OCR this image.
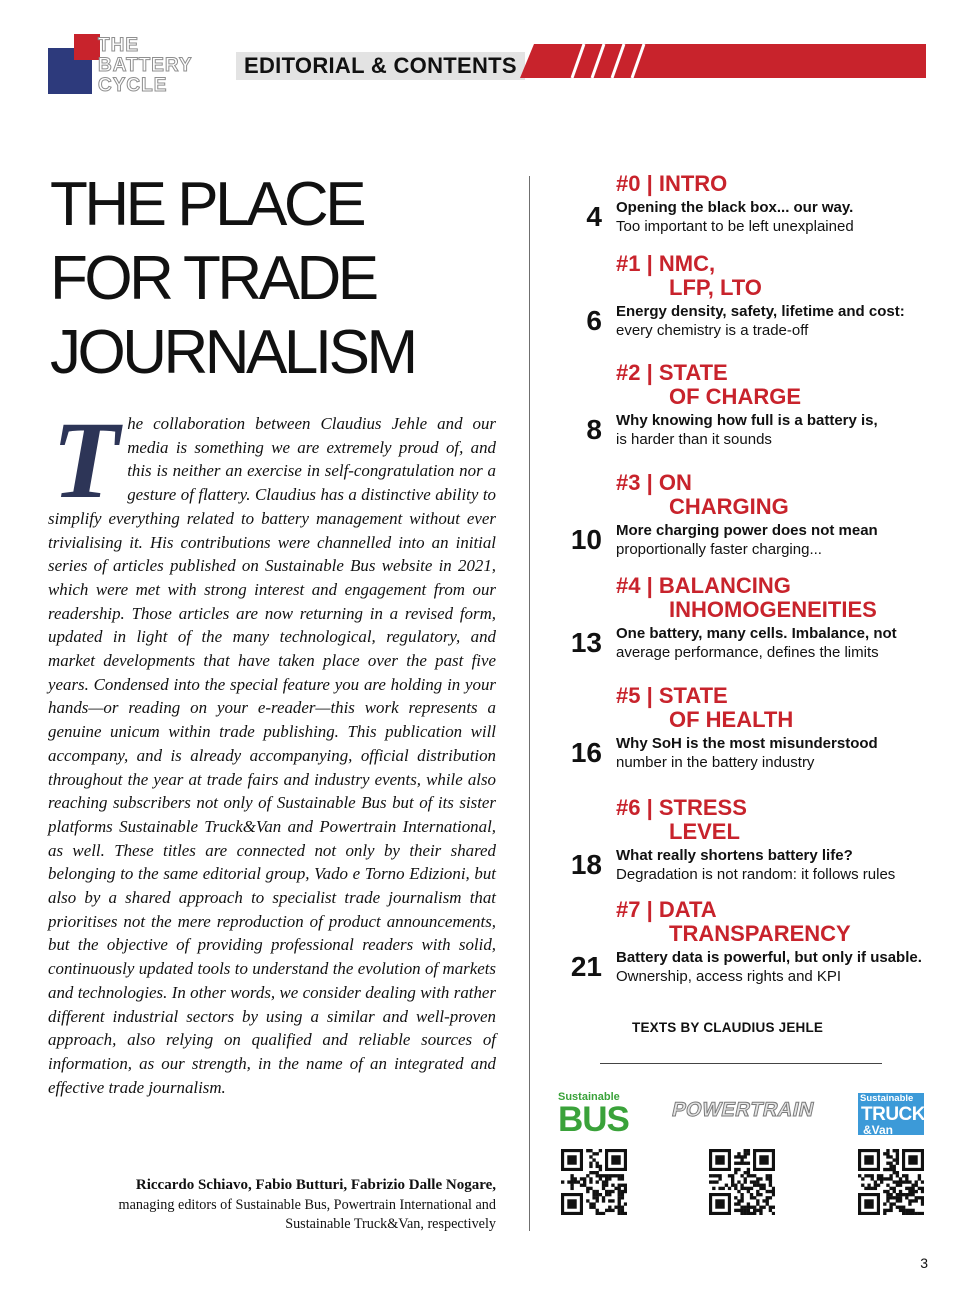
THE
BATTERY
CYCLE
EDITORIAL & CONTENTS
THE PLACE
FOR TRADE
JOURNALISM
The collaboration between Claudius Jehle and our media is something we are extremely proud of, and this is neither an exercise in self-congratulation nor a gesture of flattery. Claudius has a distinctive ability to simplify everything related to battery management without ever trivialising it. His contributions were channelled into an initial series of articles published on Sustainable Bus website in 2021, which were met with strong interest and engagement from our readership. Those articles are now returning in a revised form, updated in light of the many technological, regulatory, and market developments that have taken place over the past five years. Condensed into the special feature you are holding in your hands—or reading on your e-reader—this work represents a genuine unicum within trade publishing. This publication will accompany, and is already accompanying, official distribution throughout the year at trade fairs and industry events, while also reaching subscribers not only of Sustainable Bus but of its sister platforms Sustainable Truck&Van and Powertrain International, as well. These titles are connected not only by their shared belonging to the same editorial group, Vado e Torno Edizioni, but also by a shared approach to specialist trade journalism that prioritises not the mere reproduction of product announcements, but the objective of providing professional readers with solid, continuously updated tools to understand the evolution of markets and technologies. In other words, we consider dealing with rather different industrial sectors by using a similar and well-proven approach, also relying on qualified and reliable sources of information, as our strength, in the name of an integrated and effective trade journalism.
Riccardo Schiavo, Fabio Butturi, Fabrizio Dalle Nogare,
managing editors of Sustainable Bus, Powertrain International and
Sustainable Truck&Van, respectively
#0 | INTRO
4 Opening the black box... our way.
Too important to be left unexplained
#1 | NMC,
LFP, LTO
6 Energy density, safety, lifetime and cost:
every chemistry is a trade-off
#2 | STATE
OF CHARGE
8 Why knowing how full is a battery is,
is harder than it sounds
#3 | ON
CHARGING
10 More charging power does not mean
proportionally faster charging...
#4 | BALANCING
INHOMOGENEITIES
13 One battery, many cells. Imbalance, not
average performance, defines the limits
#5 | STATE
OF HEALTH
16 Why SoH is the most misunderstood
number in the battery industry
#6 | STRESS
LEVEL
18 What really shortens battery life?
Degradation is not random: it follows rules
#7 | DATA
TRANSPARENCY
21 Battery data is powerful, but only if usable.
Ownership, access rights and KPI
TEXTS BY CLAUDIUS JEHLE
Sustainable
BUS	POWERTRAIN
Sustainable
TRUCK
&Van
3
